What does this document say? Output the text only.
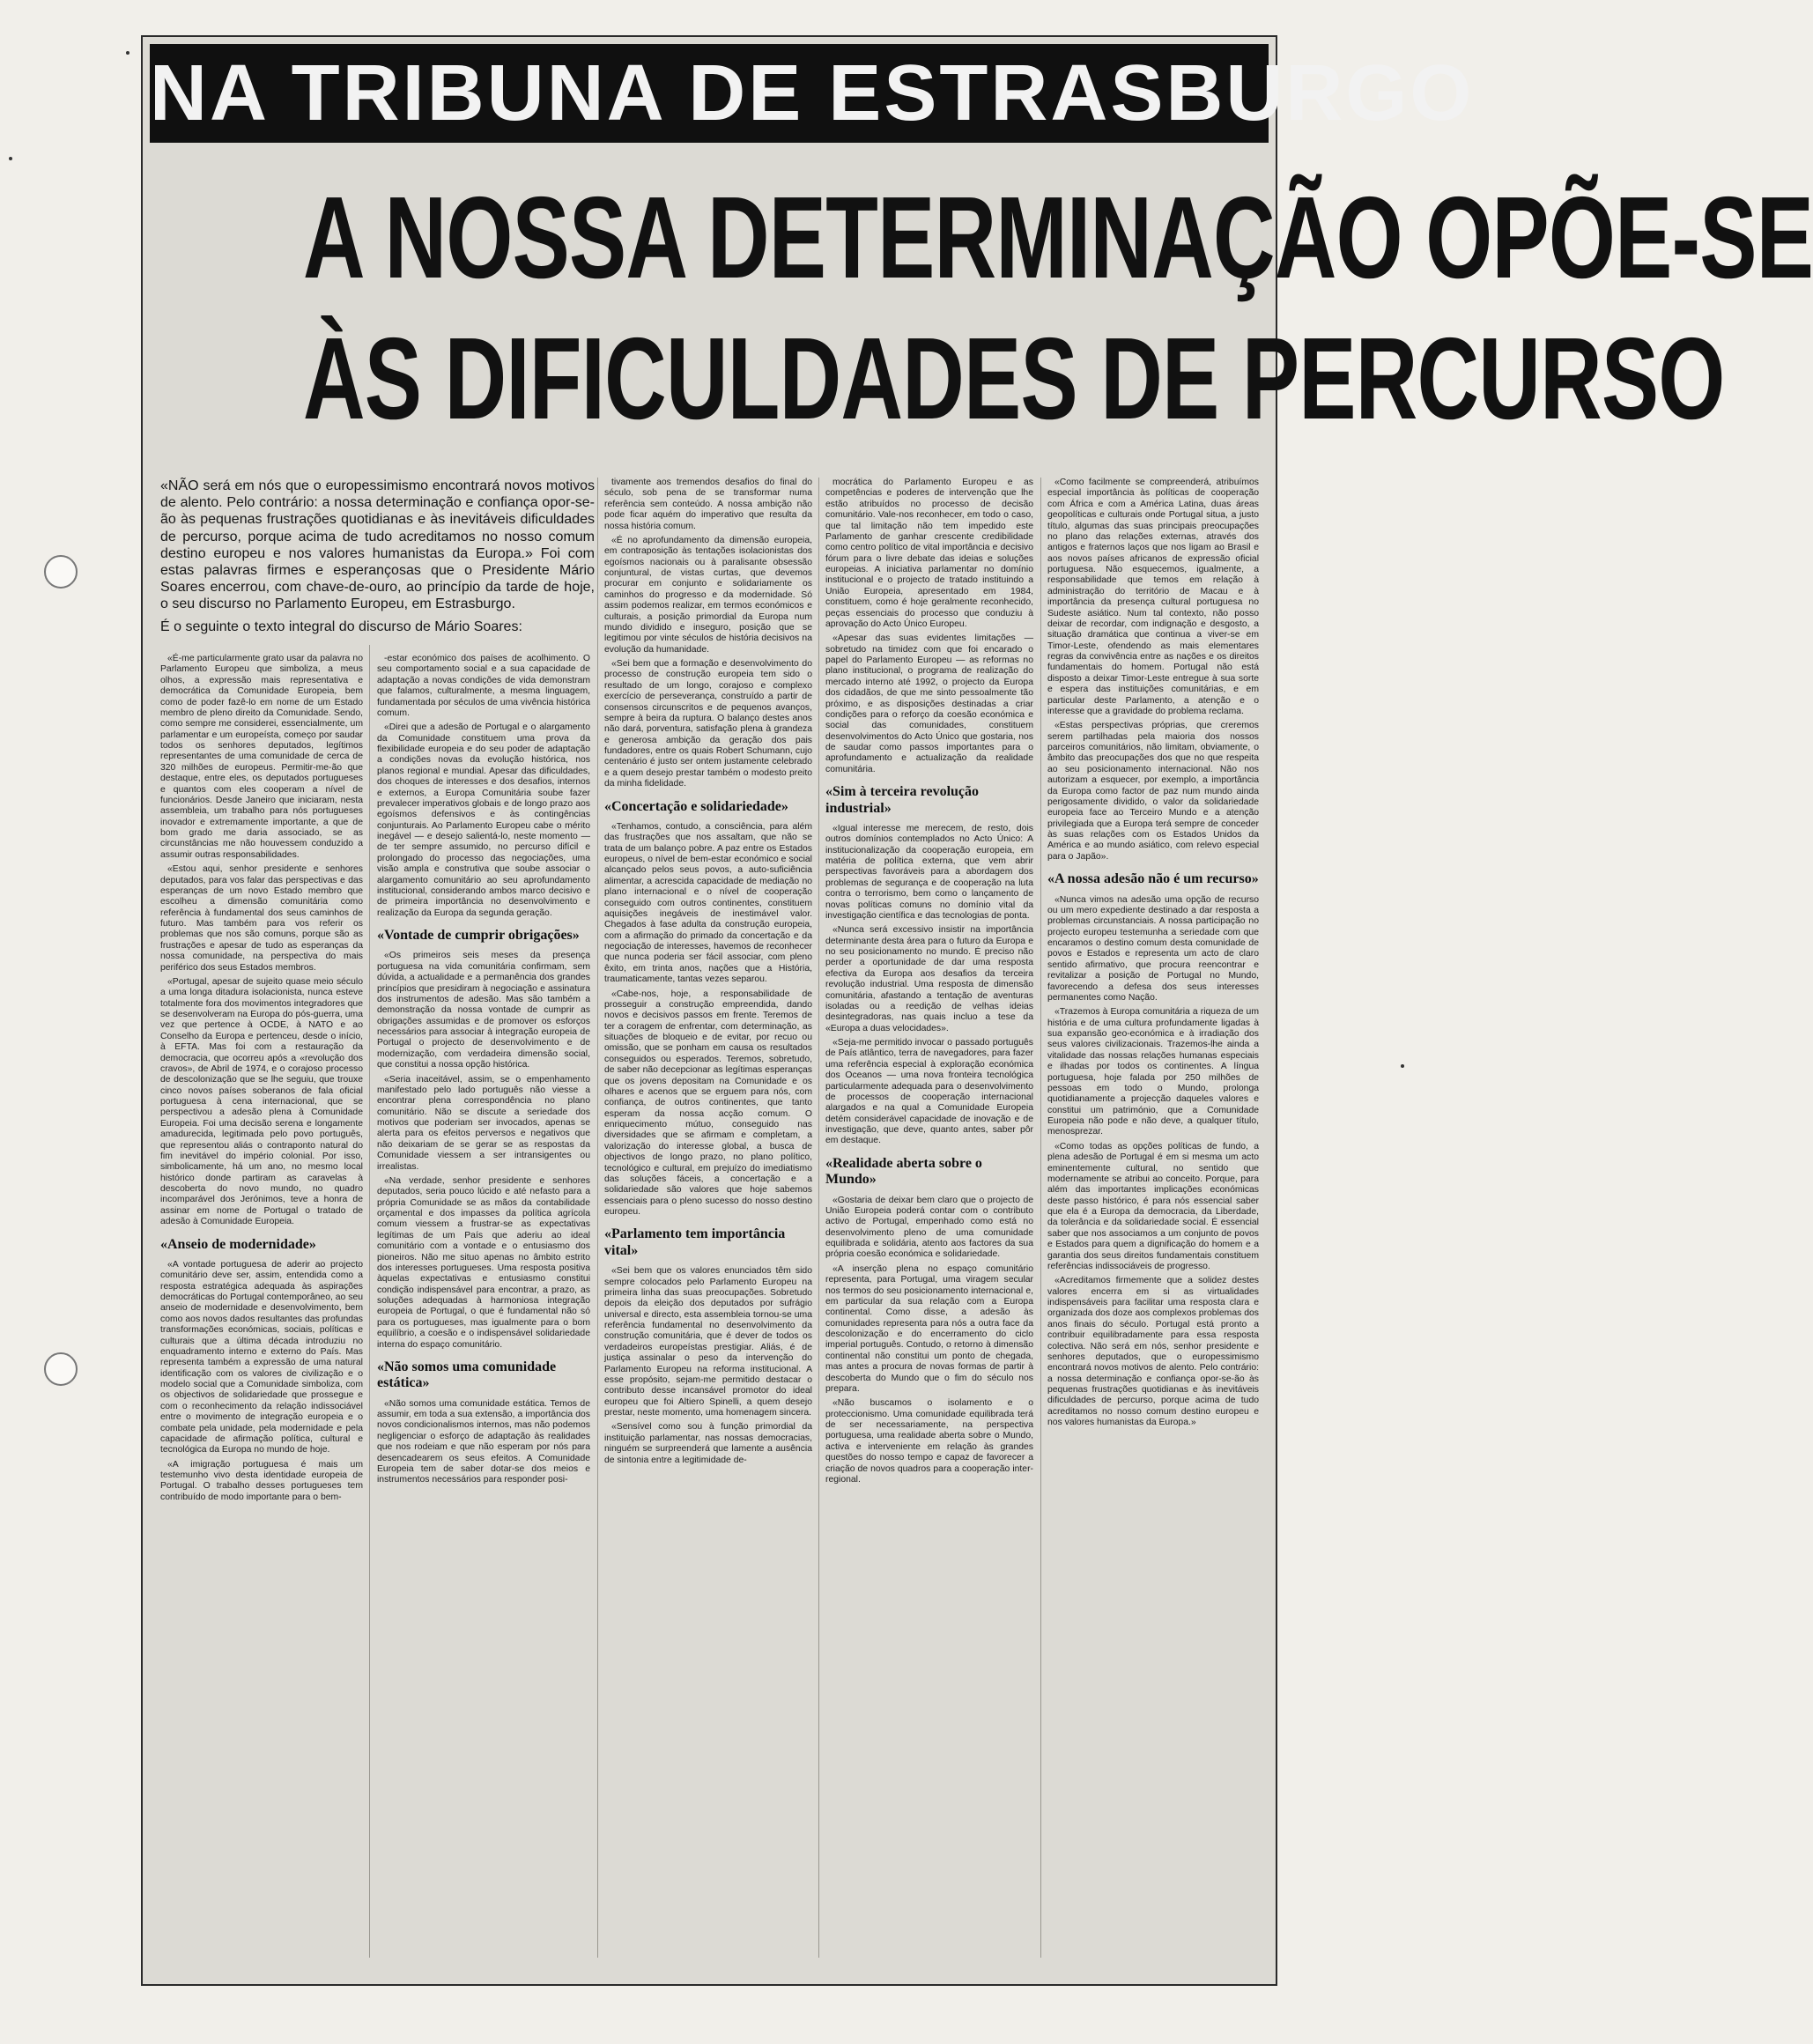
NA TRIBUNA DE ESTRASBURGO
A NOSSA DETERMINAÇÃO OPÕE-SE
ÀS DIFICULDADES DE PERCURSO

«NÃO será em nós que o europessimismo encontrará novos motivos de alento. Pelo contrário: a nossa determinação e confiança opor-se-ão às pequenas frustrações quotidianas e às inevitáveis dificuldades de percurso, porque acima de tudo acreditamos no nosso comum destino europeu e nos valores humanistas da Europa.» Foi com estas palavras firmes e esperançosas que o Presidente Mário Soares encerrou, com chave-de-ouro, ao princípio da tarde de hoje, o seu discurso no Parlamento Europeu, em Estrasburgo.

É o seguinte o texto integral do discurso de Mário Soares:

«É-me particularmente grato usar da palavra no Parlamento Europeu que simboliza, a meus olhos, a expressão mais representativa e democrática da Comunidade Europeia, bem como de poder fazê-lo em nome de um Estado membro de pleno direito da Comunidade. Sendo, como sempre me considerei, essencialmente, um parlamentar e um europeísta, começo por saudar todos os senhores deputados, legítimos representantes de uma comunidade de cerca de 320 milhões de europeus. Permitir-me-ão que destaque, entre eles, os deputados portugueses e quantos com eles cooperam a nível de funcionários. Desde Janeiro que iniciaram, nesta assembleia, um trabalho para nós portugueses inovador e extremamente importante, a que de bom grado me daria associado, se as circunstâncias me não houvessem conduzido a assumir outras responsabilidades.

«Estou aqui, senhor presidente e senhores deputados, para vos falar das perspectivas e das esperanças de um novo Estado membro que escolheu a dimensão comunitária como referência à fundamental dos seus caminhos de futuro. Mas também para vos referir os problemas que nos são comuns, porque são as frustrações e apesar de tudo as esperanças da nossa comunidade, na perspectiva do mais periférico dos seus Estados membros.

«Portugal, apesar de sujeito quase meio século a uma longa ditadura isolacionista, nunca esteve totalmente fora dos movimentos integradores que se desenvolveram na Europa do pós-guerra, uma vez que pertence à OCDE, à NATO e ao Conselho da Europa e pertenceu, desde o início, à EFTA. Mas foi com a restauração da democracia, que ocorreu após a «revolução dos cravos», de Abril de 1974, e o corajoso processo de descolonização que se lhe seguiu, que trouxe cinco novos países soberanos de fala oficial portuguesa à cena internacional, que se perspectivou a adesão plena à Comunidade Europeia. Foi uma decisão serena e longamente amadurecida, legitimada pelo povo português, que representou aliás o contraponto natural do fim inevitável do império colonial. Por isso, simbolicamente, há um ano, no mesmo local histórico donde partiram as caravelas à descoberta do novo mundo, no quadro incomparável dos Jerónimos, teve a honra de assinar em nome de Portugal o tratado de adesão à Comunidade Europeia.

«Anseio de modernidade»

«A vontade portuguesa de aderir ao projecto comunitário deve ser, assim, entendida como a resposta estratégica adequada às aspirações democráticas do Portugal contemporâneo, ao seu anseio de modernidade e desenvolvimento, bem como aos novos dados resultantes das profundas transformações económicas, sociais, políticas e culturais que a última década introduziu no enquadramento interno e externo do País. Mas representa também a expressão de uma natural identificação com os valores de civilização e o modelo social que a Comunidade simboliza, com os objectivos de solidariedade que prossegue e com o reconhecimento da relação indissociável entre o movimento de integração europeia e o combate pela unidade, pela modernidade e pela capacidade de afirmação política, cultural e tecnológica da Europa no mundo de hoje.

«A imigração portuguesa é mais um testemunho vivo desta identidade europeia de Portugal. O trabalho desses portugueses tem contribuído de modo importante para o bem-

-estar económico dos países de acolhimento. O seu comportamento social e a sua capacidade de adaptação a novas condições de vida demonstram que falamos, culturalmente, a mesma linguagem, fundamentada por séculos de uma vivência histórica comum.

«Direi que a adesão de Portugal e o alargamento da Comunidade constituem uma prova da flexibilidade europeia e do seu poder de adaptação a condições novas da evolução histórica, nos planos regional e mundial. Apesar das dificuldades, dos choques de interesses e dos desafios, internos e externos, a Europa Comunitária soube fazer prevalecer imperativos globais e de longo prazo aos egoísmos defensivos e às contingências conjunturais. Ao Parlamento Europeu cabe o mérito inegável — e desejo salientá-lo, neste momento — de ter sempre assumido, no percurso difícil e prolongado do processo das negociações, uma visão ampla e construtiva que soube associar o alargamento comunitário ao seu aprofundamento institucional, considerando ambos marco decisivo e de primeira importância no desenvolvimento e realização da Europa da segunda geração.

«Vontade de cumprir obrigações»

«Os primeiros seis meses da presença portuguesa na vida comunitária confirmam, sem dúvida, a actualidade e a permanência dos grandes princípios que presidiram à negociação e assinatura dos instrumentos de adesão. Mas são também a demonstração da nossa vontade de cumprir as obrigações assumidas e de promover os esforços necessários para associar à integração europeia de Portugal o projecto de desenvolvimento e de modernização, com verdadeira dimensão social, que constitui a nossa opção histórica.

«Seria inaceitável, assim, se o empenhamento manifestado pelo lado português não viesse a encontrar plena correspondência no plano comunitário. Não se discute a seriedade dos motivos que poderiam ser invocados, apenas se alerta para os efeitos perversos e negativos que não deixariam de se gerar se as respostas da Comunidade viessem a ser intransigentes ou irrealistas.

«Na verdade, senhor presidente e senhores deputados, seria pouco lúcido e até nefasto para a própria Comunidade se as mãos da contabilidade orçamental e dos impasses da política agrícola comum viessem a frustrar-se as expectativas legítimas de um País que aderiu ao ideal comunitário com a vontade e o entusiasmo dos pioneiros. Não me situo apenas no âmbito estrito dos interesses portugueses. Uma resposta positiva àquelas expectativas e entusiasmo constitui condição indispensável para encontrar, a prazo, as soluções adequadas à harmoniosa integração europeia de Portugal, o que é fundamental não só para os portugueses, mas igualmente para o bom equilíbrio, a coesão e o indispensável solidariedade interna do espaço comunitário.

«Não somos uma comunidade estática»

«Não somos uma comunidade estática. Temos de assumir, em toda a sua extensão, a importância dos novos condicionalismos internos, mas não podemos negligenciar o esforço de adaptação às realidades que nos rodeiam e que não esperam por nós para desencadearem os seus efeitos. A Comunidade Europeia tem de saber dotar-se dos meios e instrumentos necessários para responder posi-

tivamente aos tremendos desafios do final do século, sob pena de se transformar numa referência sem conteúdo. A nossa ambição não pode ficar aquém do imperativo que resulta da nossa história comum.

«É no aprofundamento da dimensão europeia, em contraposição às tentações isolacionistas dos egoísmos nacionais ou à paralisante obsessão conjuntural, de vistas curtas, que devemos procurar em conjunto e solidariamente os caminhos do progresso e da modernidade. Só assim podemos realizar, em termos económicos e culturais, a posição primordial da Europa num mundo dividido e inseguro, posição que se legitimou por vinte séculos de história decisivos na evolução da humanidade.

«Sei bem que a formação e desenvolvimento do processo de construção europeia tem sido o resultado de um longo, corajoso e complexo exercício de perseverança, construído a partir de consensos circunscritos e de pequenos avanços, sempre à beira da ruptura. O balanço destes anos não dará, porventura, satisfação plena à grandeza e generosa ambição da geração dos pais fundadores, entre os quais Robert Schumann, cujo centenário é justo ser ontem justamente celebrado e a quem desejo prestar também o modesto preito da minha fidelidade.

«Concertação e solidariedade»

«Tenhamos, contudo, a consciência, para além das frustrações que nos assaltam, que não se trata de um balanço pobre. A paz entre os Estados europeus, o nível de bem-estar económico e social alcançado pelos seus povos, a auto-suficiência alimentar, a acrescida capacidade de mediação no plano internacional e o nível de cooperação conseguido com outros continentes, constituem aquisições inegáveis de inestimável valor. Chegados à fase adulta da construção europeia, com a afirmação do primado da concertação e da negociação de interesses, havemos de reconhecer que nunca poderia ser fácil associar, com pleno êxito, em trinta anos, nações que a História, traumaticamente, tantas vezes separou.

«Cabe-nos, hoje, a responsabilidade de prosseguir a construção empreendida, dando novos e decisivos passos em frente. Teremos de ter a coragem de enfrentar, com determinação, as situações de bloqueio e de evitar, por recuo ou omissão, que se ponham em causa os resultados conseguidos ou esperados. Teremos, sobretudo, de saber não decepcionar as legítimas esperanças que os jovens depositam na Comunidade e os olhares e acenos que se erguem para nós, com confiança, de outros continentes, que tanto esperam da nossa acção comum. O enriquecimento mútuo, conseguido nas diversidades que se afirmam e completam, a valorização do interesse global, a busca de objectivos de longo prazo, no plano político, tecnológico e cultural, em prejuízo do imediatismo das soluções fáceis, a concertação e a solidariedade são valores que hoje sabemos essenciais para o pleno sucesso do nosso destino europeu.

«Parlamento tem importância vital»

«Sei bem que os valores enunciados têm sido sempre colocados pelo Parlamento Europeu na primeira linha das suas preocupações. Sobretudo depois da eleição dos deputados por sufrágio universal e directo, esta assembleia tornou-se uma referência fundamental no desenvolvimento da construção comunitária, que é dever de todos os verdadeiros europeístas prestigiar. Aliás, é de justiça assinalar o peso da intervenção do Parlamento Europeu na reforma institucional. A esse propósito, sejam-me permitido destacar o contributo desse incansável promotor do ideal europeu que foi Altiero Spinelli, a quem desejo prestar, neste momento, uma homenagem sincera.

«Sensível como sou à função primordial da instituição parlamentar, nas nossas democracias, ninguém se surpreenderá que lamente a ausência de sintonia entre a legitimidade de-

mocrática do Parlamento Europeu e as competências e poderes de intervenção que lhe estão atribuídos no processo de decisão comunitário. Vale-nos reconhecer, em todo o caso, que tal limitação não tem impedido este Parlamento de ganhar crescente credibilidade como centro político de vital importância e decisivo fórum para o livre debate das ideias e soluções europeias. A iniciativa parlamentar no domínio institucional e o projecto de tratado instituindo a União Europeia, apresentado em 1984, constituem, como é hoje geralmente reconhecido, peças essenciais do processo que conduziu à aprovação do Acto Único Europeu.

«Apesar das suas evidentes limitações — sobretudo na timidez com que foi encarado o papel do Parlamento Europeu — as reformas no plano institucional, o programa de realização do mercado interno até 1992, o projecto da Europa dos cidadãos, de que me sinto pessoalmente tão próximo, e as disposições destinadas a criar condições para o reforço da coesão económica e social das comunidades, constituem desenvolvimentos do Acto Único que gostaria, nos de saudar como passos importantes para o aprofundamento e actualização da realidade comunitária.

«Sim à terceira revolução industrial»

«Igual interesse me merecem, de resto, dois outros domínios contemplados no Acto Único: A institucionalização da cooperação europeia, em matéria de política externa, que vem abrir perspectivas favoráveis para a abordagem dos problemas de segurança e de cooperação na luta contra o terrorismo, bem como o lançamento de novas políticas comuns no domínio vital da investigação científica e das tecnologias de ponta.

«Nunca será excessivo insistir na importância determinante desta área para o futuro da Europa e no seu posicionamento no mundo. É preciso não perder a oportunidade de dar uma resposta efectiva da Europa aos desafios da terceira revolução industrial. Uma resposta de dimensão comunitária, afastando a tentação de aventuras isoladas ou a reedição de velhas ideias desintegradoras, nas quais incluo a tese da «Europa a duas velocidades».

«Seja-me permitido invocar o passado português de País atlântico, terra de navegadores, para fazer uma referência especial à exploração económica dos Oceanos — uma nova fronteira tecnológica particularmente adequada para o desenvolvimento de processos de cooperação internacional alargados e na qual a Comunidade Europeia detém considerável capacidade de inovação e de investigação, que deve, quanto antes, saber pôr em destaque.

«Realidade aberta sobre o Mundo»

«Gostaria de deixar bem claro que o projecto de União Europeia poderá contar com o contributo activo de Portugal, empenhado como está no desenvolvimento pleno de uma comunidade equilibrada e solidária, atento aos factores da sua própria coesão económica e solidariedade.

«A inserção plena no espaço comunitário representa, para Portugal, uma viragem secular nos termos do seu posicionamento internacional e, em particular da sua relação com a Europa continental. Como disse, a adesão às comunidades representa para nós a outra face da descolonização e do encerramento do ciclo imperial português. Contudo, o retorno à dimensão continental não constitui um ponto de chegada, mas antes a procura de novas formas de partir à descoberta do Mundo que o fim do século nos prepara.

«Não buscamos o isolamento e o proteccionismo. Uma comunidade equilibrada terá de ser necessariamente, na perspectiva portuguesa, uma realidade aberta sobre o Mundo, activa e interveniente em relação às grandes questões do nosso tempo e capaz de favorecer a criação de novos quadros para a cooperação inter-regional.

«Como facilmente se compreenderá, atribuímos especial importância às políticas de cooperação com África e com a América Latina, duas áreas geopolíticas e culturais onde Portugal situa, a justo título, algumas das suas principais preocupações no plano das relações externas, através dos antigos e fraternos laços que nos ligam ao Brasil e aos novos países africanos de expressão oficial portuguesa. Não esquecemos, igualmente, a responsabilidade que temos em relação à administração do território de Macau e à importância da presença cultural portuguesa no Sudeste asiático. Num tal contexto, não posso deixar de recordar, com indignação e desgosto, a situação dramática que continua a viver-se em Timor-Leste, ofendendo as mais elementares regras da convivência entre as nações e os direitos fundamentais do homem. Portugal não está disposto a deixar Timor-Leste entregue à sua sorte e espera das instituições comunitárias, e em particular deste Parlamento, a atenção e o interesse que a gravidade do problema reclama.

«Estas perspectivas próprias, que creremos serem partilhadas pela maioria dos nossos parceiros comunitários, não limitam, obviamente, o âmbito das preocupações dos que no que respeita ao seu posicionamento internacional. Não nos autorizam a esquecer, por exemplo, a importância da Europa como factor de paz num mundo ainda perigosamente dividido, o valor da solidariedade europeia face ao Terceiro Mundo e a atenção privilegiada que a Europa terá sempre de conceder às suas relações com os Estados Unidos da América e ao mundo asiático, com relevo especial para o Japão».

«A nossa adesão não é um recurso»

«Nunca vimos na adesão uma opção de recurso ou um mero expediente destinado a dar resposta a problemas circunstanciais. A nossa participação no projecto europeu testemunha a seriedade com que encaramos o destino comum desta comunidade de povos e Estados e representa um acto de claro sentido afirmativo, que procura reencontrar e revitalizar a posição de Portugal no Mundo, favorecendo a defesa dos seus interesses permanentes como Nação.

«Trazemos à Europa comunitária a riqueza de um história e de uma cultura profundamente ligadas à sua expansão geo-económica e à irradiação dos seus valores civilizacionais. Trazemos-lhe ainda a vitalidade das nossas relações humanas especiais e ilhadas por todos os continentes. A língua portuguesa, hoje falada por 250 milhões de pessoas em todo o Mundo, prolonga quotidianamente a projecção daqueles valores e constitui um património, que a Comunidade Europeia não pode e não deve, a qualquer título, menosprezar.

«Como todas as opções políticas de fundo, a plena adesão de Portugal é em si mesma um acto eminentemente cultural, no sentido que modernamente se atribui ao conceito. Porque, para além das importantes implicações económicas deste passo histórico, é para nós essencial saber que ela é a Europa da democracia, da Liberdade, da tolerância e da solidariedade social. É essencial saber que nos associamos a um conjunto de povos e Estados para quem a dignificação do homem e a garantia dos seus direitos fundamentais constituem referências indissociáveis de progresso.

«Acreditamos firmemente que a solidez destes valores encerra em si as virtualidades indispensáveis para facilitar uma resposta clara e organizada dos doze aos complexos problemas dos anos finais do século. Portugal está pronto a contribuir equilibradamente para essa resposta colectiva. Não será em nós, senhor presidente e senhores deputados, que o europessimismo encontrará novos motivos de alento. Pelo contrário: a nossa determinação e confiança opor-se-ão às pequenas frustrações quotidianas e às inevitáveis dificuldades de percurso, porque acima de tudo acreditamos no nosso comum destino europeu e nos valores humanistas da Europa.»
